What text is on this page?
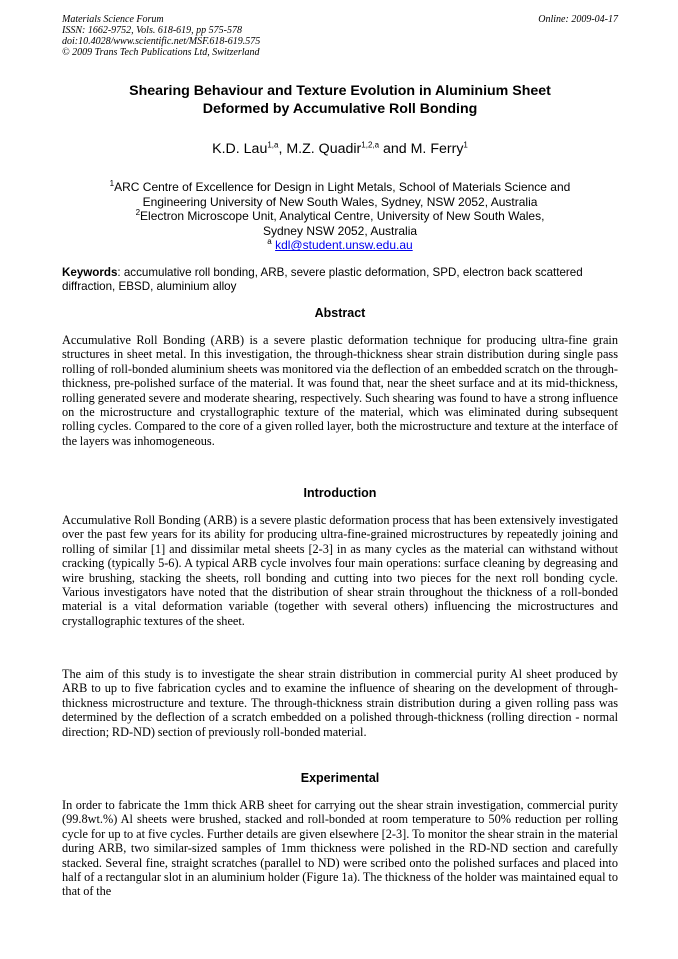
Materials Science Forum
ISSN: 1662-9752, Vols. 618-619, pp 575-578
doi:10.4028/www.scientific.net/MSF.618-619.575
© 2009 Trans Tech Publications Ltd, Switzerland
Online: 2009-04-17
Shearing Behaviour and Texture Evolution in Aluminium Sheet
Deformed by Accumulative Roll Bonding
K.D. Lau$^{1,a}$, M.Z. Quadir$^{1,2,a}$ and M. Ferry$^1$
$^1$ARC Centre of Excellence for Design in Light Metals, School of Materials Science and
Engineering University of New South Wales, Sydney, NSW 2052, Australia
$^2$Electron Microscope Unit, Analytical Centre, University of New South Wales,
Sydney NSW 2052, Australia
$^a$ kdl@student.unsw.edu.au
Keywords: accumulative roll bonding, ARB, severe plastic deformation, SPD, electron back scattered diffraction, EBSD, aluminium alloy
Abstract
Accumulative Roll Bonding (ARB) is a severe plastic deformation technique for producing ultra-fine grain structures in sheet metal. In this investigation, the through-thickness shear strain distribution during single pass rolling of roll-bonded aluminium sheets was monitored via the deflection of an embedded scratch on the through-thickness, pre-polished surface of the material. It was found that, near the sheet surface and at its mid-thickness, rolling generated severe and moderate shearing, respectively. Such shearing was found to have a strong influence on the microstructure and crystallographic texture of the material, which was eliminated during subsequent rolling cycles. Compared to the core of a given rolled layer, both the microstructure and texture at the interface of the layers was inhomogeneous.
Introduction
Accumulative Roll Bonding (ARB) is a severe plastic deformation process that has been extensively investigated over the past few years for its ability for producing ultra-fine-grained microstructures by repeatedly joining and rolling of similar [1] and dissimilar metal sheets [2-3] in as many cycles as the material can withstand without cracking (typically 5-6). A typical ARB cycle involves four main operations: surface cleaning by degreasing and wire brushing, stacking the sheets, roll bonding and cutting into two pieces for the next roll bonding cycle. Various investigators have noted that the distribution of shear strain throughout the thickness of a roll-bonded material is a vital deformation variable (together with several others) influencing the microstructures and crystallographic textures of the sheet.
The aim of this study is to investigate the shear strain distribution in commercial purity Al sheet produced by ARB to up to five fabrication cycles and to examine the influence of shearing on the development of through-thickness microstructure and texture. The through-thickness strain distribution during a given rolling pass was determined by the deflection of a scratch embedded on a polished through-thickness (rolling direction - normal direction; RD-ND) section of previously roll-bonded material.
Experimental
In order to fabricate the 1mm thick ARB sheet for carrying out the shear strain investigation, commercial purity (99.8wt.%) Al sheets were brushed, stacked and roll-bonded at room temperature to 50% reduction per rolling cycle for up to at five cycles. Further details are given elsewhere [2-3]. To monitor the shear strain in the material during ARB, two similar-sized samples of 1mm thickness were polished in the RD-ND section and carefully stacked. Several fine, straight scratches (parallel to ND) were scribed onto the polished surfaces and placed into half of a rectangular slot in an aluminium holder (Figure 1a). The thickness of the holder was maintained equal to that of the
